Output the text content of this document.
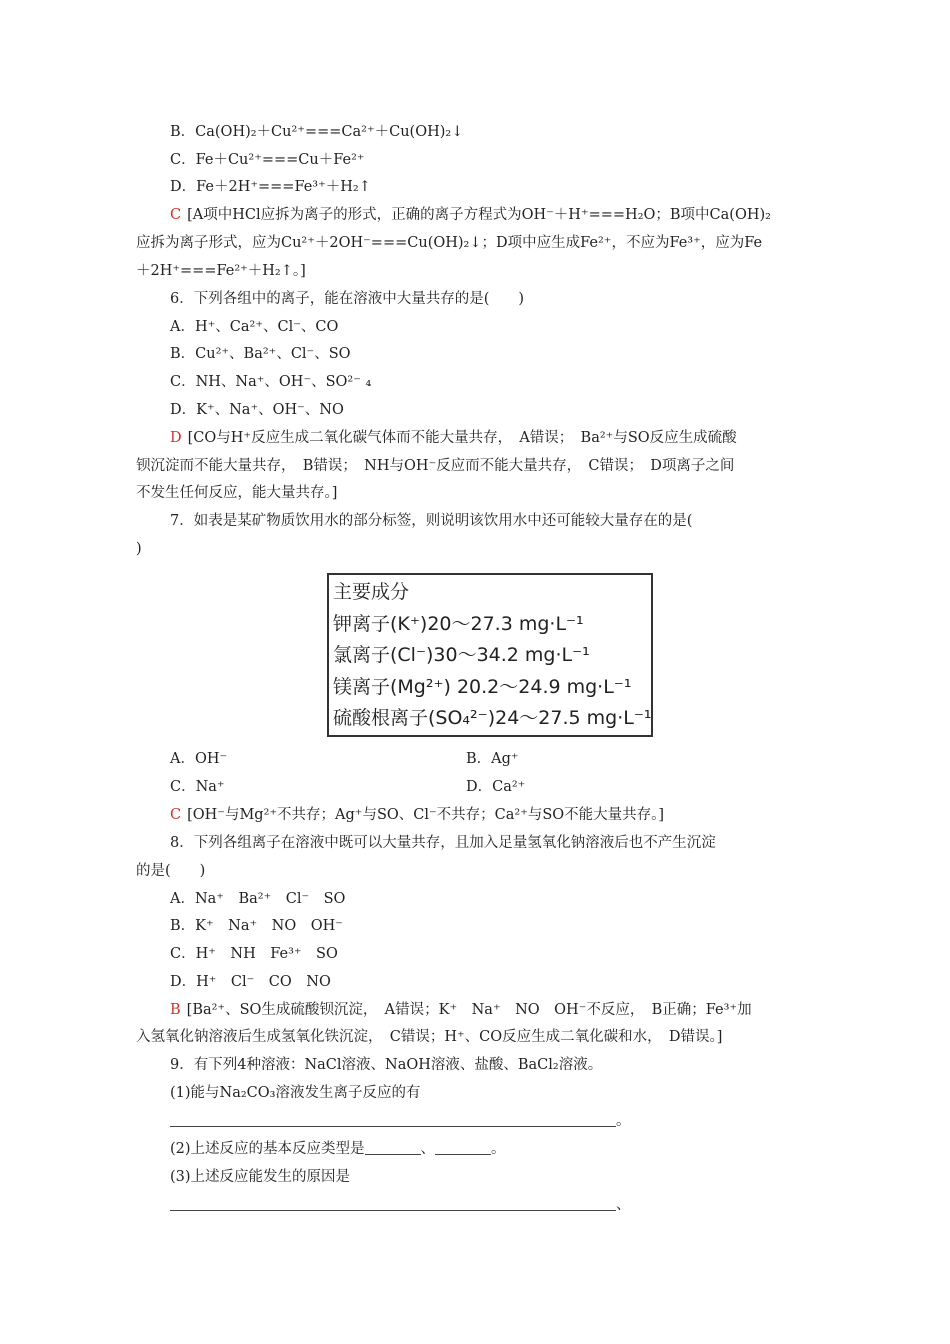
B．Ca(OH)₂＋Cu²⁺===Ca²⁺＋Cu(OH)₂↓
C．Fe＋Cu²⁺===Cu＋Fe²⁺
D．Fe＋2H⁺===Fe³⁺＋H₂↑
C [A项中HCl应拆为离子的形式，正确的离子方程式为OH⁻＋H⁺===H₂O；B项中Ca(OH)₂
应拆为离子形式，应为Cu²⁺＋2OH⁻===Cu(OH)₂↓；D项中应生成Fe²⁺，不应为Fe³⁺，应为Fe
＋2H⁺===Fe²⁺＋H₂↑。]
6．下列各组中的离子，能在溶液中大量共存的是(　　)
A．H⁺、Ca²⁺、Cl⁻、CO
B．Cu²⁺、Ba²⁺、Cl⁻、SO
C．NH、Na⁺、OH⁻、SO²⁻ ₄
D．K⁺、Na⁺、OH⁻、NO
D [CO与H⁺反应生成二氧化碳气体而不能大量共存，　A错误；　Ba²⁺与SO反应生成硫酸
钡沉淀而不能大量共存，　B错误；　NH与OH⁻反应而不能大量共存，　C错误；　D项离子之间
不发生任何反应，能大量共存。]
7．如表是某矿物质饮用水的部分标签，则说明该饮用水中还可能较大量存在的是(
)
主要成分
钾离子(K⁺)20～27.3 mg·L⁻¹
氯离子(Cl⁻)30～34.2 mg·L⁻¹
镁离子(Mg²⁺) 20.2～24.9 mg·L⁻¹
硫酸根离子(SO₄²⁻)24～27.5 mg·L⁻¹
A．OH⁻	B．Ag⁺
C．Na⁺	D．Ca²⁺
C [OH⁻与Mg²⁺不共存；Ag⁺与SO、Cl⁻不共存；Ca²⁺与SO不能大量共存。]
8．下列各组离子在溶液中既可以大量共存，且加入足量氢氧化钠溶液后也不产生沉淀
的是(　　)
A．Na⁺　Ba²⁺　Cl⁻　SO
B．K⁺　Na⁺　NO　OH⁻
C．H⁺　NH　Fe³⁺　SO
D．H⁺　Cl⁻　CO　NO
B [Ba²⁺、SO生成硫酸钡沉淀，　A错误；K⁺　Na⁺　NO　OH⁻不反应，　B正确；Fe³⁺加
入氢氧化钠溶液后生成氢氧化铁沉淀，　C错误；H⁺、CO反应生成二氧化碳和水，　D错误。]
9．有下列4种溶液：NaCl溶液、NaOH溶液、盐酸、BaCl₂溶液。
(1)能与Na₂CO₃溶液发生离子反应的有
。
(2)上述反应的基本反应类型是	、	。
(3)上述反应能发生的原因是
、
